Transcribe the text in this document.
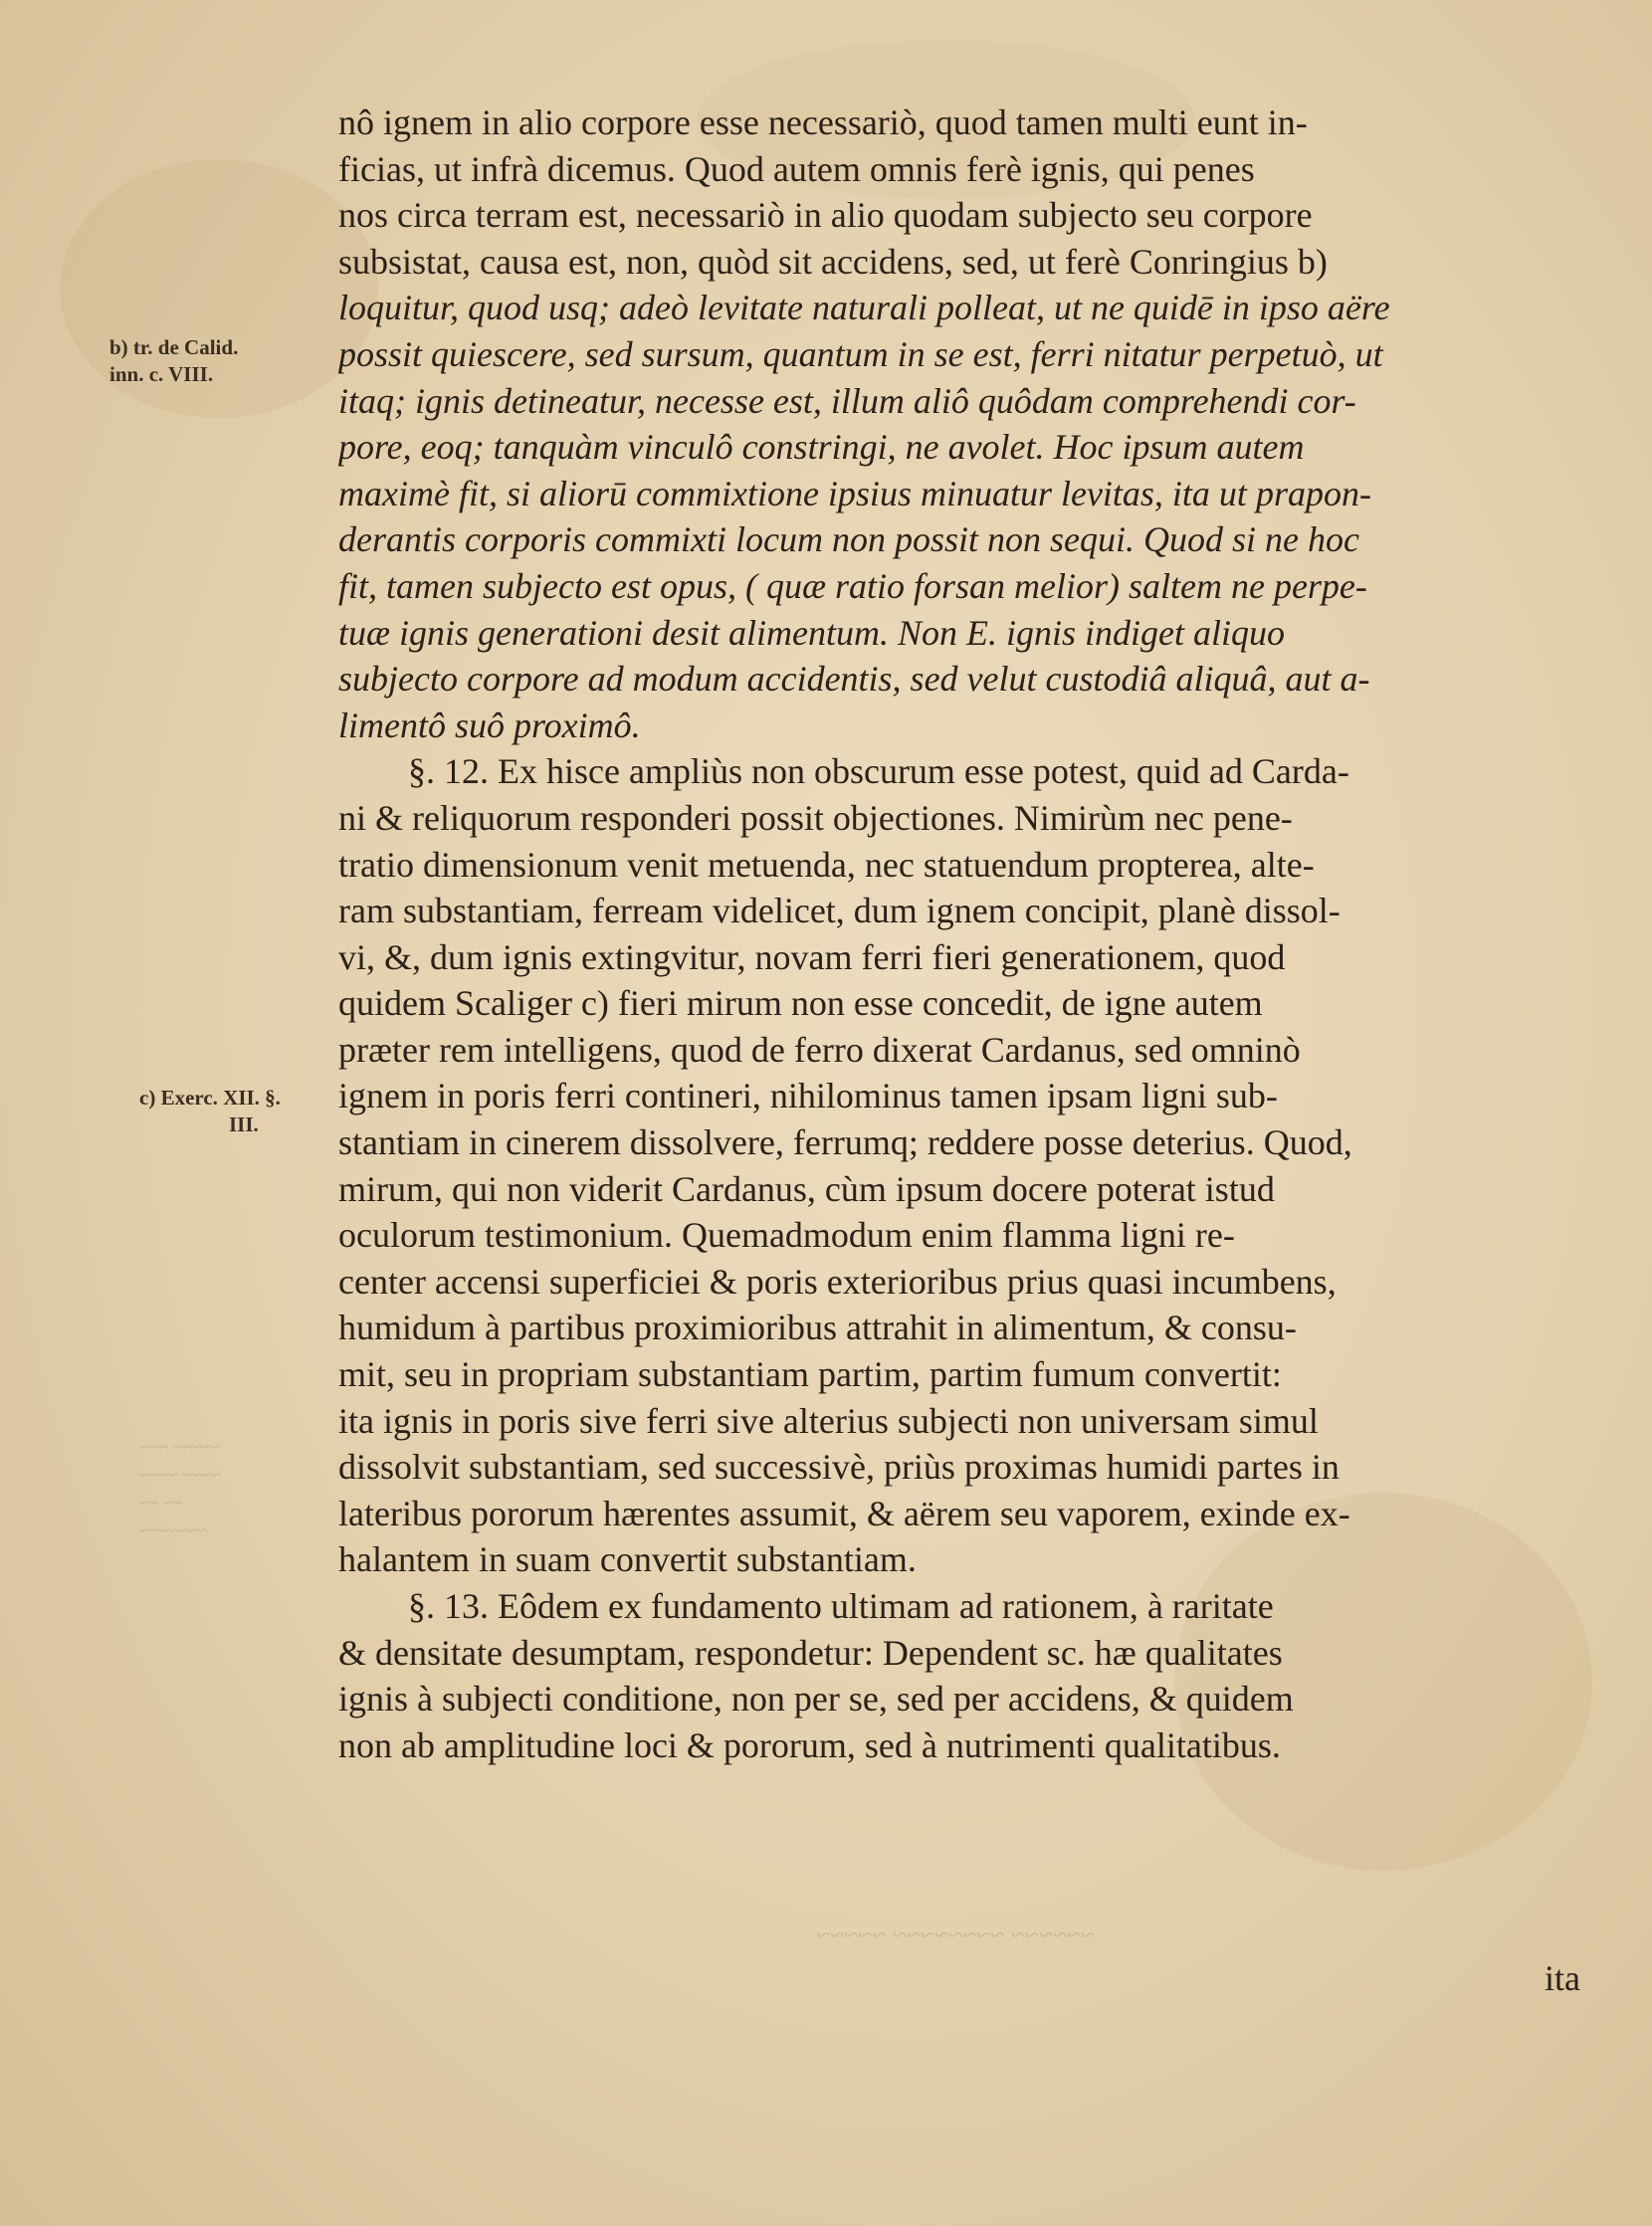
~~~~~ ~~~
~~~~ ~~~~
~~ ~~
~~~~~~~
~~~~~~ ~~~~~~~~ ~~~~~
b) tr. de Calid.
inn. c. VIII.
c) Exerc. XII. §.
III.
nô ignem in alio corpore esse necessariò, quod tamen multi eunt in-
ficias, ut infrà dicemus. Quod autem omnis ferè ignis, qui penes
nos circa terram est, necessariò in alio quodam subjecto seu corpore
subsistat, causa est, non, quòd sit accidens, sed, ut ferè Conringius b)
loquitur, quod usq; adeò levitate naturali polleat, ut ne quidē in ipso aëre
possit quiescere, sed sursum, quantum in se est, ferri nitatur perpetuò, ut
itaq; ignis detineatur, necesse est, illum aliô quôdam comprehendi cor-
pore, eoq; tanquàm vinculô constringi, ne avolet. Hoc ipsum autem
maximè fit, si aliorū commixtione ipsius minuatur levitas, ita ut prapon-
derantis corporis commixti locum non possit non sequi. Quod si ne hoc
fit, tamen subjecto est opus, ( quæ ratio forsan melior) saltem ne perpe-
tuæ ignis generationi desit alimentum. Non E. ignis indiget aliquo
subjecto corpore ad modum accidentis, sed velut custodiâ aliquâ, aut a-
limentô suô proximô.
§. 12. Ex hisce ampliùs non obscurum esse potest, quid ad Carda-
ni & reliquorum responderi possit objectiones. Nimirùm nec pene-
tratio dimensionum venit metuenda, nec statuendum propterea, alte-
ram substantiam, ferream videlicet, dum ignem concipit, planè dissol-
vi, &, dum ignis extingvitur, novam ferri fieri generationem, quod
quidem Scaliger c) fieri mirum non esse concedit, de igne autem
præter rem intelligens, quod de ferro dixerat Cardanus, sed omninò
ignem in poris ferri contineri, nihilominus tamen ipsam ligni sub-
stantiam in cinerem dissolvere, ferrumq; reddere posse deterius. Quod,
mirum, qui non viderit Cardanus, cùm ipsum docere poterat istud
oculorum testimonium. Quemadmodum enim flamma ligni re-
center accensi superficiei & poris exterioribus prius quasi incumbens,
humidum à partibus proximioribus attrahit in alimentum, & consu-
mit, seu in propriam substantiam partim, partim fumum convertit:
ita ignis in poris sive ferri sive alterius subjecti non universam simul
dissolvit substantiam, sed successivè, priùs proximas humidi partes in
lateribus pororum hærentes assumit, & aërem seu vaporem, exinde ex-
halantem in suam convertit substantiam.
§. 13. Eôdem ex fundamento ultimam ad rationem, à raritate
& densitate desumptam, respondetur: Dependent sc. hæ qualitates
ignis à subjecti conditione, non per se, sed per accidens, & quidem
non ab amplitudine loci & pororum, sed à nutrimenti qualitatibus.
ita
